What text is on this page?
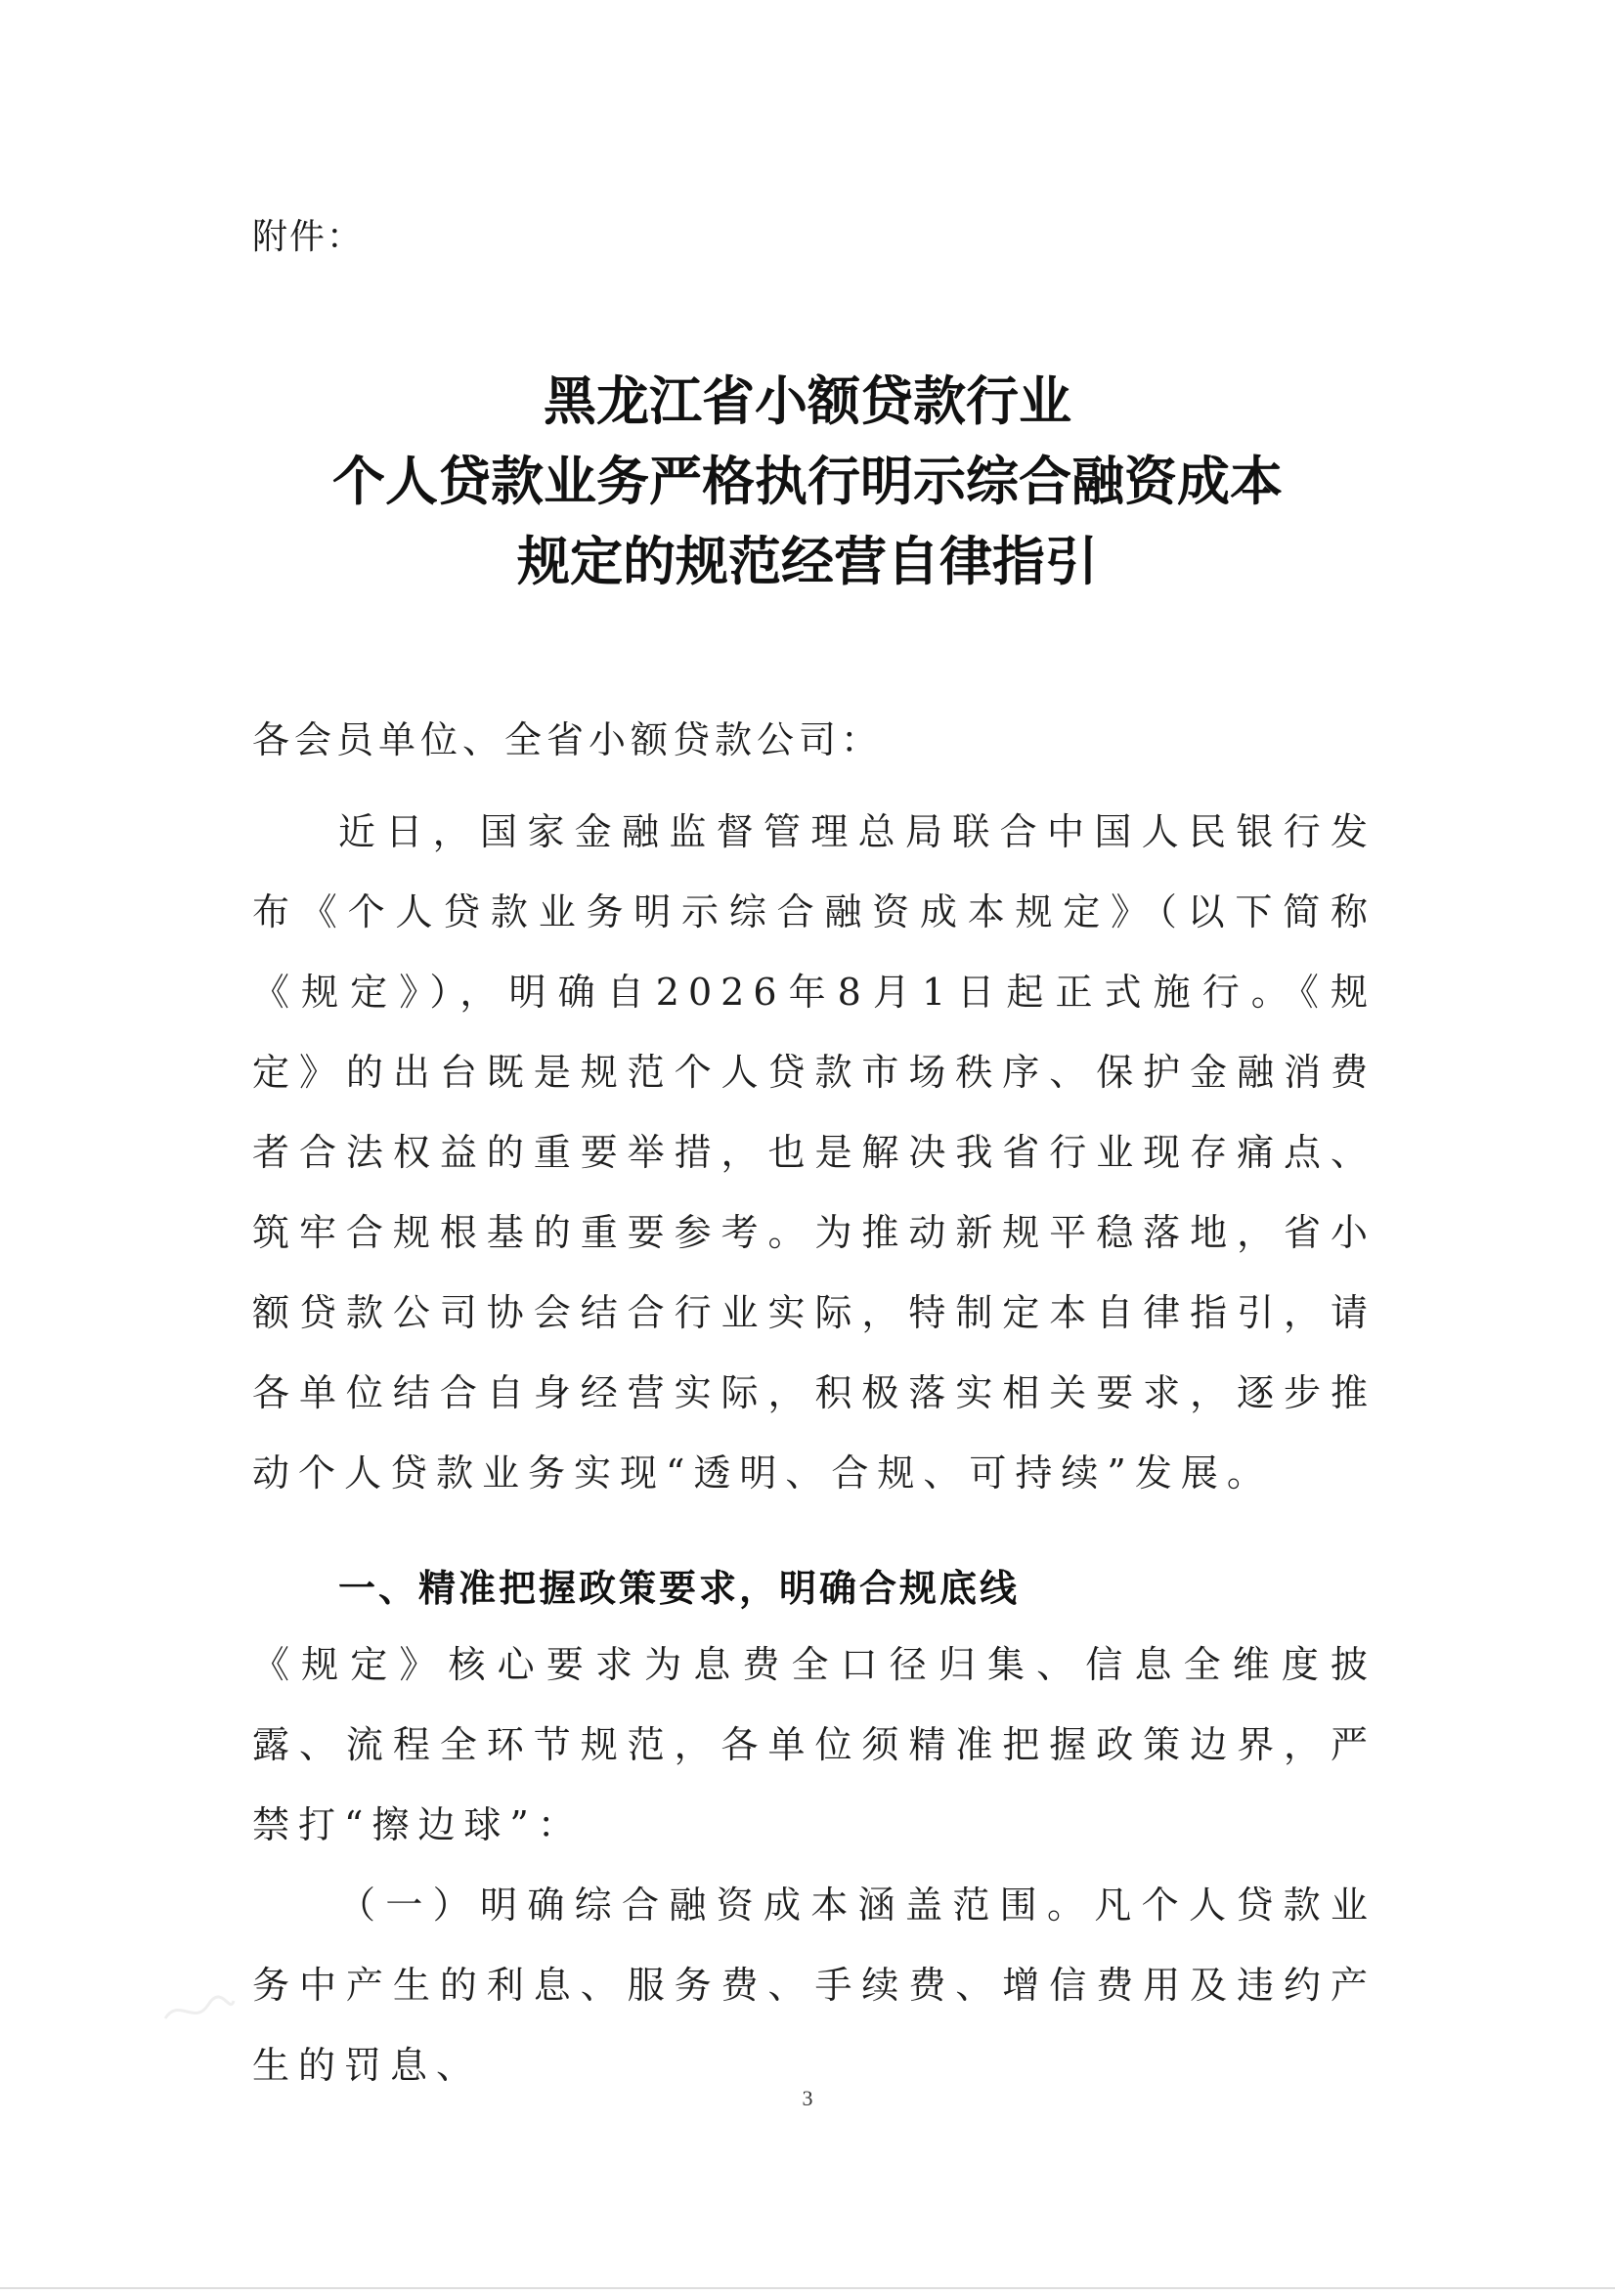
附件：
黑龙江省小额贷款行业
个人贷款业务严格执行明示综合融资成本
规定的规范经营自律指引
各会员单位、全省小额贷款公司：
近日，国家金融监督管理总局联合中国人民银行发布《个人贷款业务明示综合融资成本规定》（以下简称《规定》），明确自2026年8月1日起正式施行。《规定》的出台既是规范个人贷款市场秩序、保护金融消费者合法权益的重要举措，也是解决我省行业现存痛点、筑牢合规根基的重要参考。为推动新规平稳落地，省小额贷款公司协会结合行业实际，特制定本自律指引，请各单位结合自身经营实际，积极落实相关要求，逐步推动个人贷款业务实现“透明、合规、可持续”发展。
一、精准把握政策要求，明确合规底线
《规定》核心要求为息费全口径归集、信息全维度披露、流程全环节规范，各单位须精准把握政策边界，严禁打“擦边球”：
（一）明确综合融资成本涵盖范围。凡个人贷款业务中产生的利息、服务费、手续费、增信费用及违约产生的罚息、
3
